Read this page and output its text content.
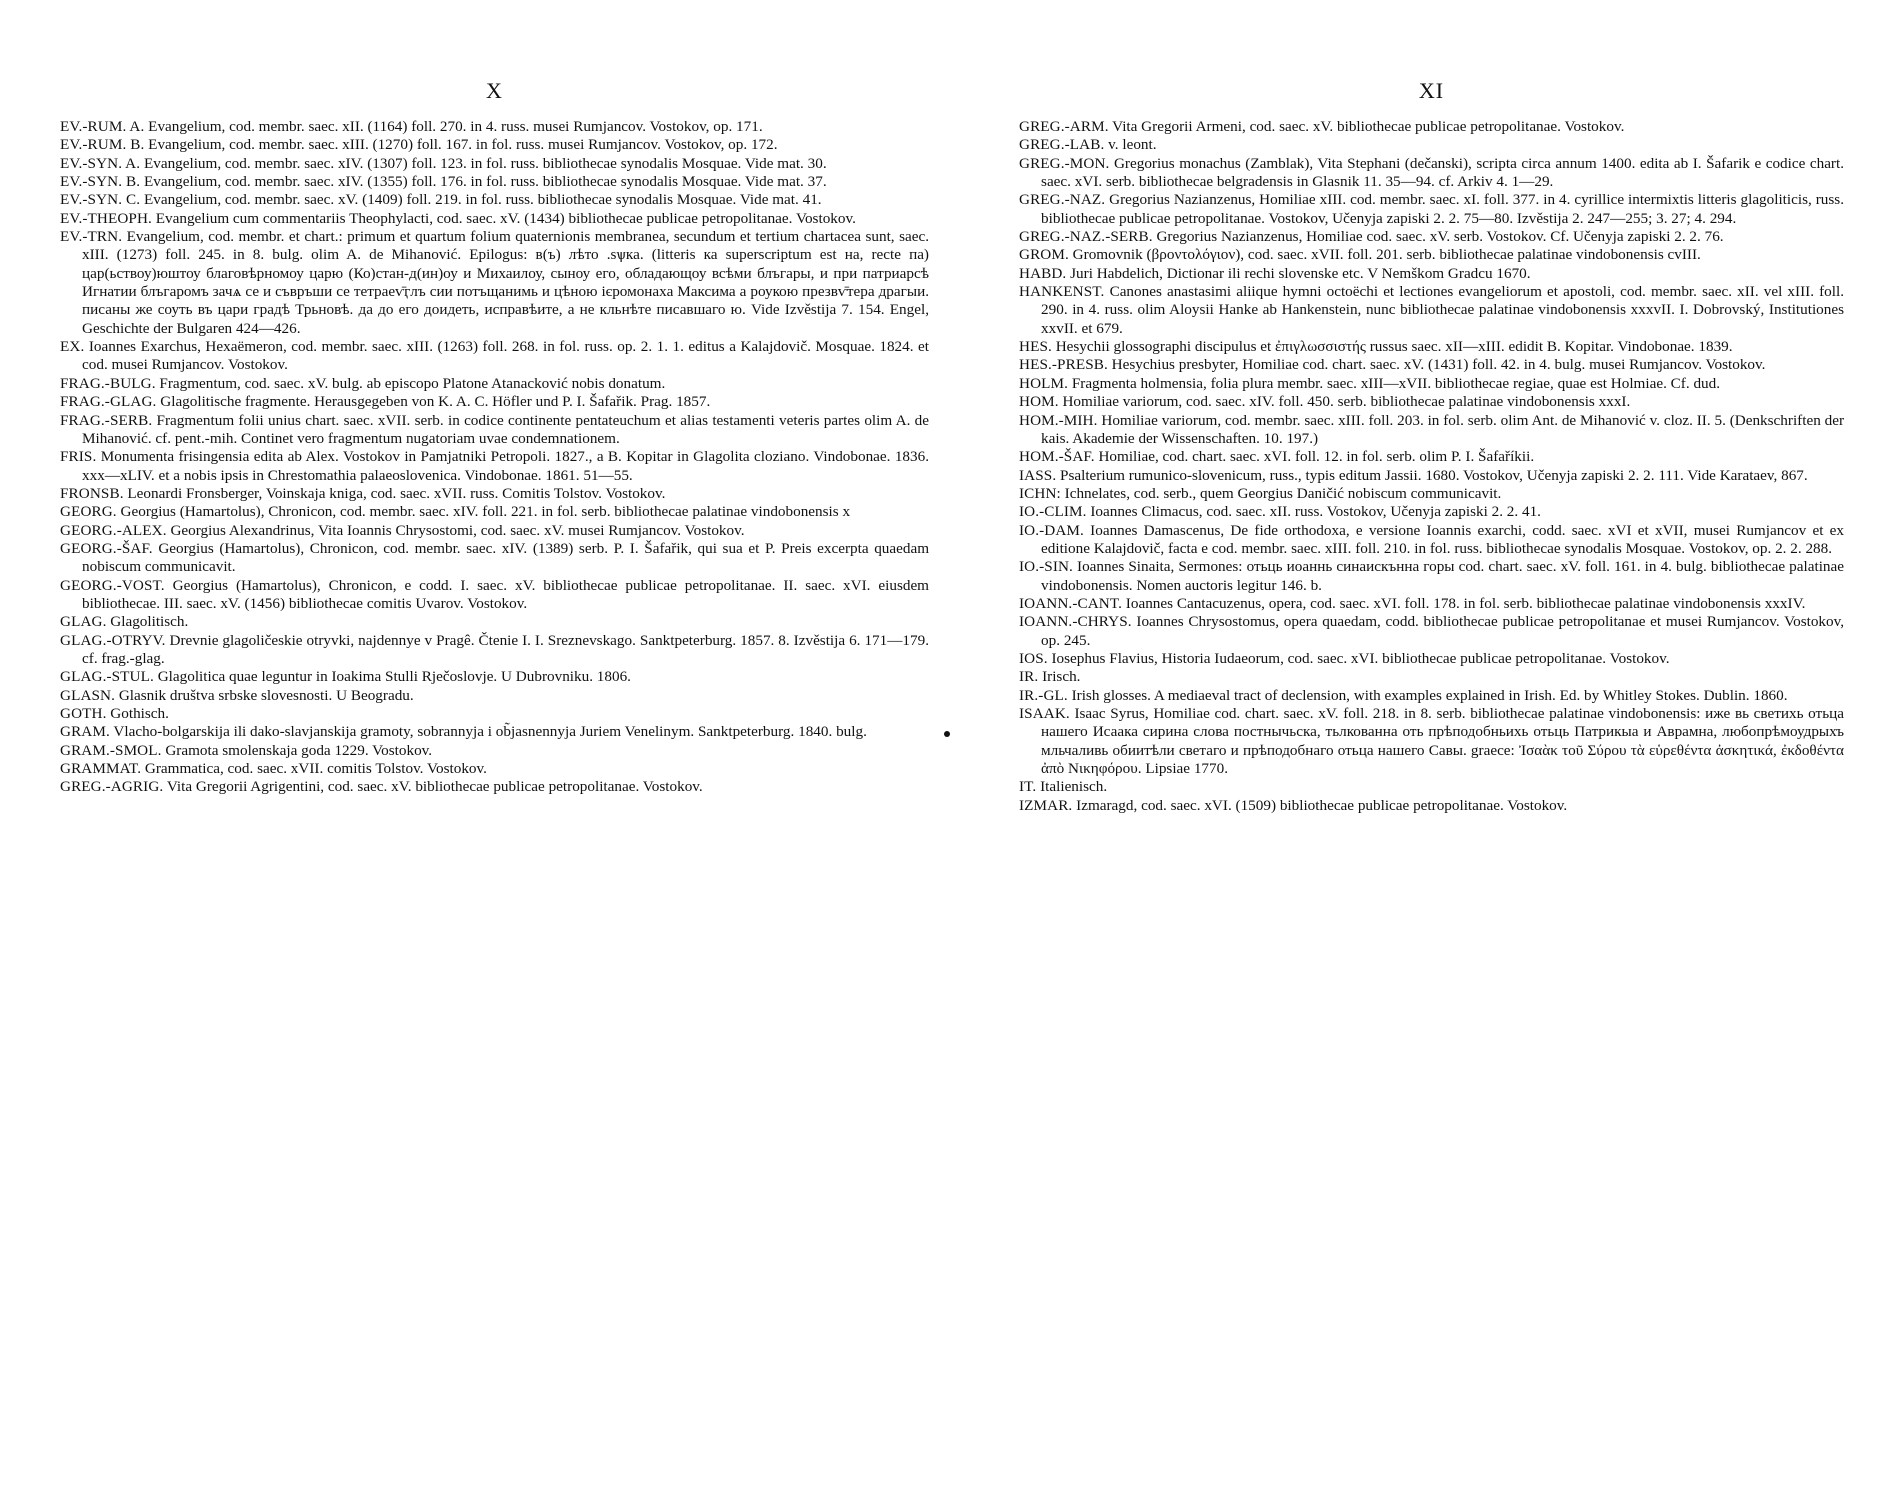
X

EV.-RUM. A. Evangelium, cod. membr. saec. xII. (1164) foll. 270. in 4. russ. musei Rumjancov. Vostokov, op. 171.

EV.-RUM. B. Evangelium, cod. membr. saec. xIII. (1270) foll. 167. in fol. russ. musei Rumjancov. Vostokov, op. 172.

EV.-SYN. A. Evangelium, cod. membr. saec. xIV. (1307) foll. 123. in fol. russ. bibliothecae synodalis Mosquae. Vide mat. 30.

EV.-SYN. B. Evangelium, cod. membr. saec. xIV. (1355) foll. 176. in fol. russ. bibliothecae synodalis Mosquae. Vide mat. 37.

EV.-SYN. C. Evangelium, cod. membr. saec. xV. (1409) foll. 219. in fol. russ. bibliothecae synodalis Mosquae. Vide mat. 41.

EV.-THEOPH. Evangelium cum commentariis Theophylacti, cod. saec. xV. (1434) bibliothecae publicae petropolitanae. Vostokov.

EV.-TRN. Evangelium, cod. membr. et chart.: primum et quartum folium quaternionis membranea, secundum et tertium chartacea sunt, saec. xIII. (1273) foll. 245. in 8. bulg. olim A. de Mihanović. Epilogus: в(ъ) лѣто .sѱка. (litteris ка superscriptum est на, recte па) цар(ьствоу)юштоу благовѣрномоу царю (Ко)стан-д(ин)оу и Михаилоу, сыноу его, обладающоу всѣми блъгары, и при патриарсѣ Игнатии блъгаромъ зачѧ се и съвръши се тетраеѵ̄ӷлъ сии потъщанимь и цѣною ієромонаха Максима а роукою презвѵ̄тера драгыи. писаны же соуть въ цари градѣ Трьновѣ. да до его доидеть, исправѣите, а не кльнѣте писавшаго ю. Vide Izvěstija 7. 154. Engel, Geschichte der Bulgaren 424—426.

EX. Ioannes Exarchus, Hexaëmeron, cod. membr. saec. xIII. (1263) foll. 268. in fol. russ. op. 2. 1. 1. editus a Kalajdovič. Mosquae. 1824. et cod. musei Rumjancov. Vostokov.

FRAG.-BULG. Fragmentum, cod. saec. xV. bulg. ab episcopo Platone Atanacković nobis donatum.

FRAG.-GLAG. Glagolitische fragmente. Herausgegeben von K. A. C. Höfler und P. I. Šafařik. Prag. 1857.

FRAG.-SERB. Fragmentum folii unius chart. saec. xVII. serb. in codice continente pentateuchum et alias testamenti veteris partes olim A. de Mihanović. cf. pent.-mih. Continet vero fragmentum nugatoriam uvae condemnationem.

FRIS. Monumenta frisingensia edita ab Alex. Vostokov in Pamjatniki Petropoli. 1827., a B. Kopitar in Glagolita cloziano. Vindobonae. 1836. xxx—xLIV. et a nobis ipsis in Chrestomathia palaeoslovenica. Vindobonae. 1861. 51—55.

FRONSB. Leonardi Fronsberger, Voinskaja kniga, cod. saec. xVII. russ. Comitis Tolstov. Vostokov.

GEORG. Georgius (Hamartolus), Chronicon, cod. membr. saec. xIV. foll. 221. in fol. serb. bibliothecae palatinae vindobonensis x

GEORG.-ALEX. Georgius Alexandrinus, Vita Ioannis Chrysostomi, cod. saec. xV. musei Rumjancov. Vostokov.

GEORG.-ŠAF. Georgius (Hamartolus), Chronicon, cod. membr. saec. xIV. (1389) serb. P. I. Šafařik, qui sua et P. Preis excerpta quaedam nobiscum communicavit.

GEORG.-VOST. Georgius (Hamartolus), Chronicon, e codd. I. saec. xV. bibliothecae publicae petropolitanae. II. saec. xVI. eiusdem bibliothecae. III. saec. xV. (1456) bibliothecae comitis Uvarov. Vostokov.

GLAG. Glagolitisch.

GLAG.-OTRYV. Drevnie glagoličeskie otryvki, najdennye v Pragê. Čtenie I. I. Sreznevskago. Sanktpeterburg. 1857. 8. Izvěstija 6. 171—179. cf. frag.-glag.

GLAG.-STUL. Glagolitica quae leguntur in Ioakima Stulli Rječoslovje. U Dubrovniku. 1806.

GLASN. Glasnik društva srbske slovesnosti. U Beogradu.

GOTH. Gothisch.

GRAM. Vlacho-bolgarskija ili dako-slavjanskija gramoty, sobrannyja i ob̃jasnennyja Juriem Venelinym. Sanktpeterburg. 1840. bulg.

GRAM.-SMOL. Gramota smolenskaja goda 1229. Vostokov.

GRAMMAT. Grammatica, cod. saec. xVII. comitis Tolstov. Vostokov.

GREG.-AGRIG. Vita Gregorii Agrigentini, cod. saec. xV. bibliothecae publicae petropolitanae. Vostokov.

XI

GREG.-ARM. Vita Gregorii Armeni, cod. saec. xV. bibliothecae publicae petropolitanae. Vostokov.

GREG.-LAB. v. leont.

GREG.-MON. Gregorius monachus (Zamblak), Vita Stephani (dečanski), scripta circa annum 1400. edita ab I. Šafarik e codice chart. saec. xVI. serb. bibliothecae belgradensis in Glasnik 11. 35—94. cf. Arkiv 4. 1—29.

GREG.-NAZ. Gregorius Nazianzenus, Homiliae xIII. cod. membr. saec. xI. foll. 377. in 4. cyrillice intermixtis litteris glagoliticis, russ. bibliothecae publicae petropolitanae. Vostokov, Učenyja zapiski 2. 2. 75—80. Izvěstija 2. 247—255; 3. 27; 4. 294.

GREG.-NAZ.-SERB. Gregorius Nazianzenus, Homiliae cod. saec. xV. serb. Vostokov. Cf. Učenyja zapiski 2. 2. 76.

GROM. Gromovnik (βροντολόγιον), cod. saec. xVII. foll. 201. serb. bibliothecae palatinae vindobonensis cvIII.

HABD. Juri Habdelich, Dictionar ili rechi slovenske etc. V Nemškom Gradcu 1670.

HANKENST. Canones anastasimi aliique hymni octoëchi et lectiones evangeliorum et apostoli, cod. membr. saec. xII. vel xIII. foll. 290. in 4. russ. olim Aloysii Hanke ab Hankenstein, nunc bibliothecae palatinae vindobonensis xxxvII. I. Dobrovský, Institutiones xxvII. et 679.

HES. Hesychii glossographi discipulus et ἐπιγλωσσιστής russus saec. xII—xIII. edidit B. Kopitar. Vindobonae. 1839.

HES.-PRESB. Hesychius presbyter, Homiliae cod. chart. saec. xV. (1431) foll. 42. in 4. bulg. musei Rumjancov. Vostokov.

HOLM. Fragmenta holmensia, folia plura membr. saec. xIII—xVII. bibliothecae regiae, quae est Holmiae. Cf. dud.

HOM. Homiliae variorum, cod. saec. xIV. foll. 450. serb. bibliothecae palatinae vindobonensis xxxI.

HOM.-MIH. Homiliae variorum, cod. membr. saec. xIII. foll. 203. in fol. serb. olim Ant. de Mihanović v. cloz. II. 5. (Denkschriften der kais. Akademie der Wissenschaften. 10. 197.)

HOM.-ŠAF. Homiliae, cod. chart. saec. xVI. foll. 12. in fol. serb. olim P. I. Šafaříkii.

IASS. Psalterium rumunico-slovenicum, russ., typis editum Jassii. 1680. Vostokov, Učenyja zapiski 2. 2. 111. Vide Karataev, 867.

ICHN: Ichnelates, cod. serb., quem Georgius Daničić nobiscum communicavit.

IO.-CLIM. Ioannes Climacus, cod. saec. xII. russ. Vostokov, Učenyja zapiski 2. 2. 41.

IO.-DAM. Ioannes Damascenus, De fide orthodoxa, e versione Ioannis exarchi, codd. saec. xVI et xVII, musei Rumjancov et ex editione Kalajdovič, facta e cod. membr. saec. xIII. foll. 210. in fol. russ. bibliothecae synodalis Mosquae. Vostokov, op. 2. 2. 288.

IO.-SIN. Ioannes Sinaita, Sermones: отьць иоаннь синаискънна горы cod. chart. saec. xV. foll. 161. in 4. bulg. bibliothecae palatinae vindobonensis. Nomen auctoris legitur 146. b.

IOANN.-CANT. Ioannes Cantacuzenus, opera, cod. saec. xVI. foll. 178. in fol. serb. bibliothecae palatinae vindobonensis xxxIV.

IOANN.-CHRYS. Ioannes Chrysostomus, opera quaedam, codd. bibliothecae publicae petropolitanae et musei Rumjancov. Vostokov, op. 245.

IOS. Iosephus Flavius, Historia Iudaeorum, cod. saec. xVI. bibliothecae publicae petropolitanae. Vostokov.

IR. Irisch.

IR.-GL. Irish glosses. A mediaeval tract of declension, with examples explained in Irish. Ed. by Whitley Stokes. Dublin. 1860.

ISAAK. Isaac Syrus, Homiliae cod. chart. saec. xV. foll. 218. in 8. serb. bibliothecae palatinae vindobonensis: иже вь светихь отьца нашего Исаака сирина слова постнычьска, тьлкованна оть прѣподобньихь отьць Патрикыа и Аврамна, любопрѣмоудрыхъ мльчаливь обиитѣли светаго и прѣподобнаго отьца нашего Савы. graece: Ἰσαὰκ τοῦ Σύρου τὰ εὑρεθέντα ἀσκητικά, ἐκδοθέντα ἀπὸ Νικηφόρου. Lipsiae 1770.

IT. Italienisch.

IZMAR. Izmaragd, cod. saec. xVI. (1509) bibliothecae publicae petropolitanae. Vostokov.
